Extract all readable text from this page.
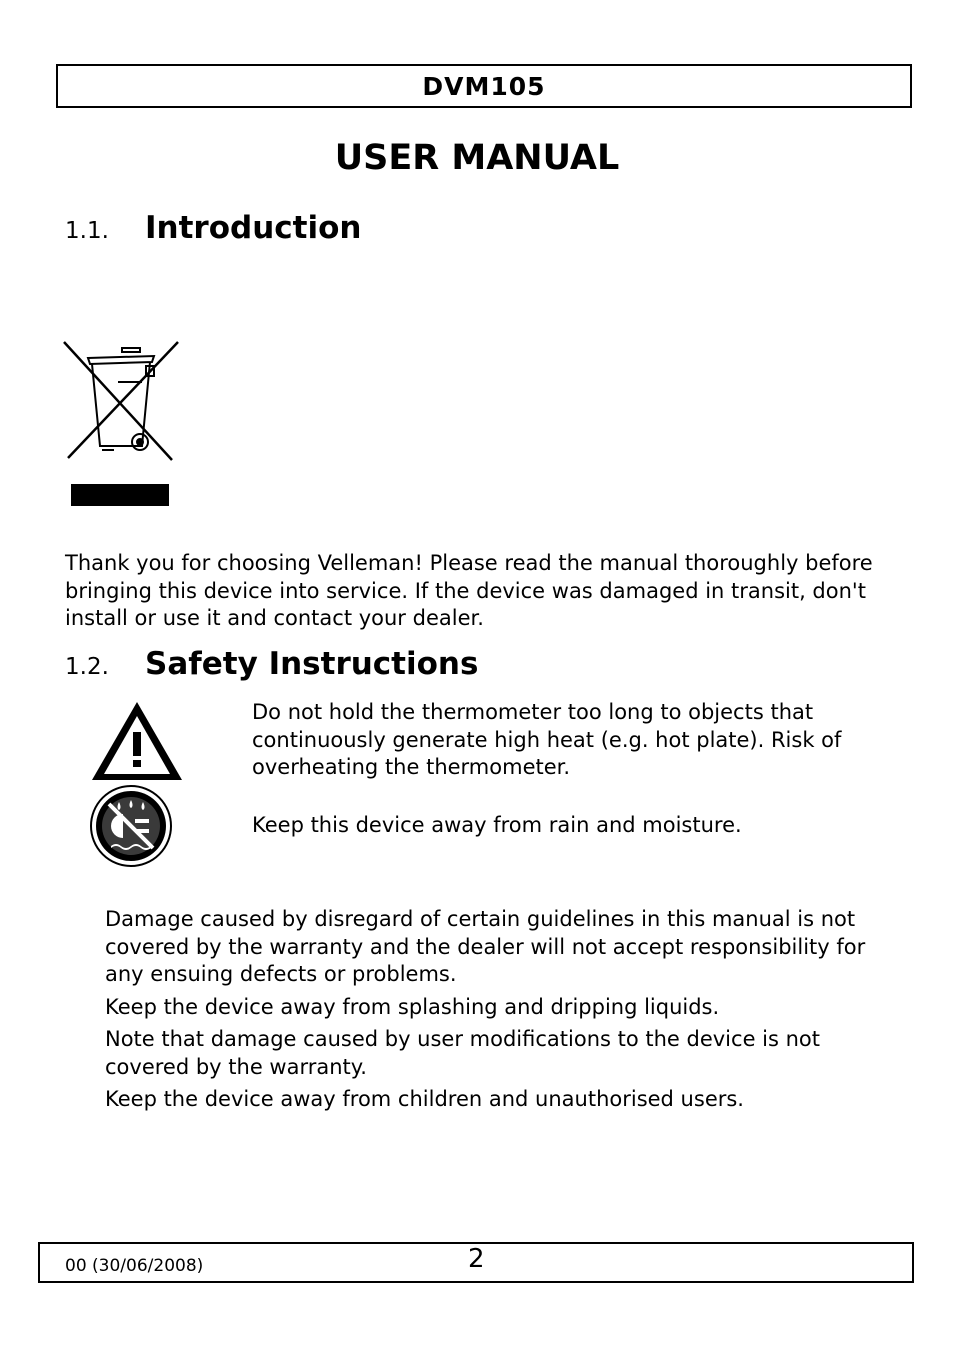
DVM105
USER MANUAL
1.1.	Introduction
Thank you for choosing Velleman! Please read the manual thoroughly before bringing this device into service. If the device was damaged in transit, don't install or use it and contact your dealer.
1.2.	Safety Instructions
Do not hold the thermometer too long to objects that continuously generate high heat (e.g. hot plate). Risk of overheating the thermometer.
Keep this device away from rain and moisture.
Damage caused by disregard of certain guidelines in this manual is not covered by the warranty and the dealer will not accept responsibility for any ensuing defects or problems.
Keep the device away from splashing and dripping liquids.
Note that damage caused by user modifications to the device is not covered by the warranty.
Keep the device away from children and unauthorised users.
00 (30/06/2008)	2
